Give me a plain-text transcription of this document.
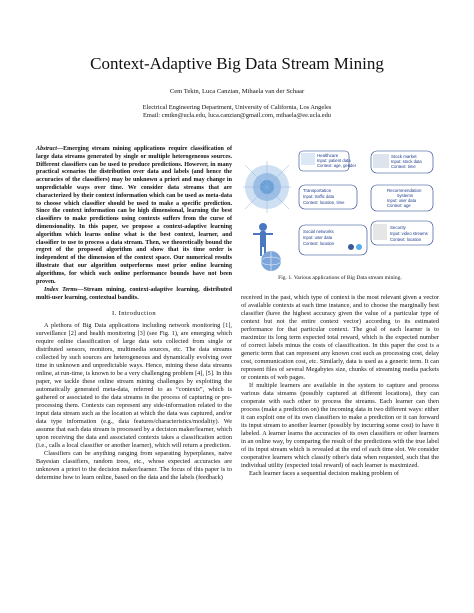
Context-Adaptive Big Data Stream Mining
Cem Tekin, Luca Canzian, Mihaela van der Schaar
Electrical Engineering Department, University of California, Los Angeles
Email: cmtkn@ucla.edu, luca.canzian@gmail.com, mihaela@ee.ucla.edu
Abstract—Emerging stream mining applications require classification of large data streams generated by single or multiple heterogeneous sources. Different classifiers can be used to produce predictions. However, in many practical scenarios the distribution over data and labels (and hence the accuracies of the classifiers) may be unknown a priori and may change in unpredictable ways over time. We consider data streams that are characterized by their context information which can be used as meta-data to choose which classifier should be used to make a specific prediction. Since the context information can be high dimensional, learning the best classifiers to make predictions using contexts suffers from the curse of dimensionality. In this paper, we propose a context-adaptive learning algorithm which learns online what is the best context, learner, and classifier to use to process a data stream. Then, we theoretically bound the regret of the proposed algorithm and show that its time order is independent of the dimension of the context space. Our numerical results illustrate that our algorithm outperforms most prior online learning algorithms, for which such online performance bounds have not been proven.
Index Terms—Stream mining, context-adaptive learning, distributed multi-user learning, contextual bandits.
I. Introduction

A plethora of Big Data applications including network monitoring [1], surveillance [2] and health monitoring [3] (see Fig. 1), are emerging which require online classification of large data sets collected from single or distributed sensors, monitors, multimedia sources, etc. The data streams collected by such sources are heterogeneous and dynamically evolving over time in unknown and unpredictable ways. Hence, mining these data streams online, at run-time, is known to be a very challenging problem [4], [5]. In this paper, we tackle these online stream mining challenges by exploiting the automatically generated meta-data, referred to as “contexts”, which is gathered or associated to the data streams in the process of capturing or pre-processing them. Contexts can represent any side-information related to the input data stream such as the location at which the data was captured, and/or data type information (e.g., data features/characteristics/modality). We assume that each data stream is processed by a decision maker/learner, which upon receiving the data and associated contexts takes a classification action (i.e., calls a local classifier or another learner), which will return a prediction.

Classifiers can be anything ranging from separating hyperplanes, naive Bayesian classifiers, random trees, etc., whose expected accuracies are unknown a priori to the decision maker/learner. The focus of this paper is to determine how to learn online, based on the data and the labels (feedback)

Healthcare
Input: patient data
Context: age, gender
Stock market
Input: stock data
Context: time
Transportation
Input: traffic data
Context: location, time
Recommendation
systems
Input: user data
Context: age
Security
Input: video streams
Context: location
Social networks
Input: user data
Context: location
Fig. 1. Various applications of Big Data stream mining.

received in the past, which type of context is the most relevant given a vector of available contexts at each time instance, and to choose the marginally best classifier (have the highest accuracy given the value of a particular type of context but not the entire context vector) according to its estimated performance for that particular context. The goal of each learner is to maximize its long term expected total reward, which is the expected number of correct labels minus the costs of classification. In this paper the cost is a generic term that can represent any known cost such as processing cost, delay cost, communication cost, etc. Similarly, data is used as a generic term. It can represent files of several Megabytes size, chunks of streaming media packets or contents of web pages.

If multiple learners are available in the system to capture and process various data streams (possibly captured at different locations), they can cooperate with each other to process the streams. Each learner can then process (make a prediction on) the incoming data in two different ways: either it can exploit one of its own classifiers to make a prediction or it can forward its input stream to another learner (possibly by incurring some cost) to have it labeled. A learner learns the accuracies of its own classifiers or other learners in an online way, by comparing the result of the predictions with the true label of its input stream which is revealed at the end of each time slot. We consider cooperative learners which classify other's data when requested, such that the individual utility (expected total reward) of each learner is maximized.

Each learner faces a sequential decision making problem of
